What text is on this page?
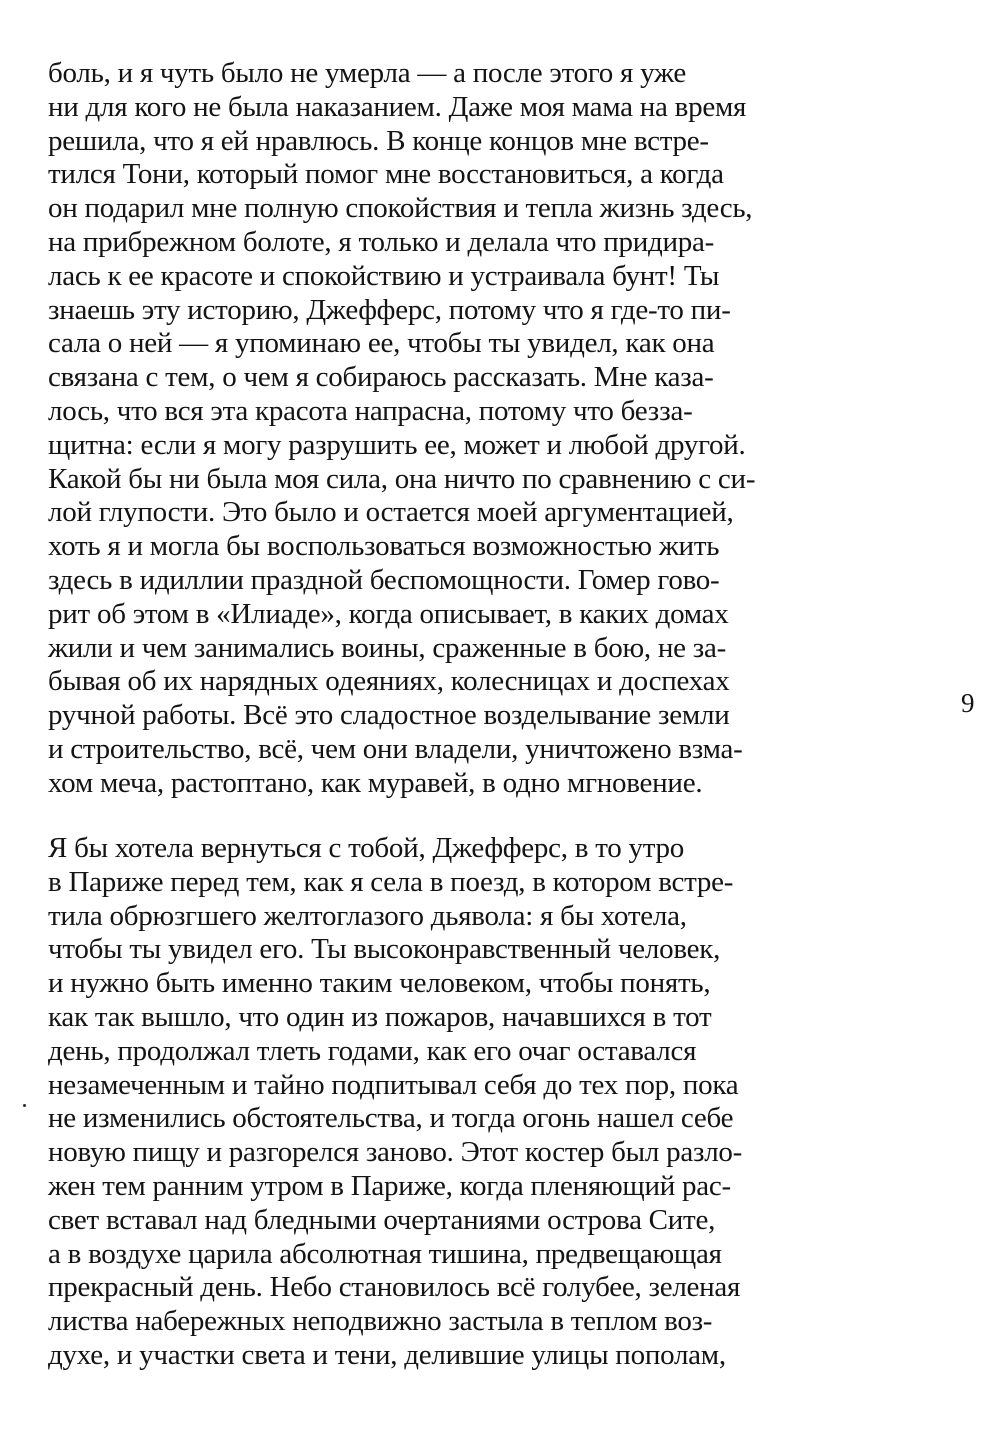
боль, и я чуть было не умерла — а после этого я уже
ни для кого не была наказанием. Даже моя мама на время
решила, что я ей нравлюсь. В конце концов мне встре-
тился Тони, который помог мне восстановиться, а когда
он подарил мне полную спокойствия и тепла жизнь здесь,
на прибрежном болоте, я только и делала что придира-
лась к ее красоте и спокойствию и устраивала бунт! Ты
знаешь эту историю, Джефферс, потому что я где-то пи-
сала о ней — я упоминаю ее, чтобы ты увидел, как она
связана с тем, о чем я собираюсь рассказать. Мне каза-
лось, что вся эта красота напрасна, потому что безза-
щитна: если я могу разрушить ее, может и любой другой.
Какой бы ни была моя сила, она ничто по сравнению с си-
лой глупости. Это было и остается моей аргументацией,
хоть я и могла бы воспользоваться возможностью жить
здесь в идиллии праздной беспомощности. Гомер гово-
рит об этом в «Илиаде», когда описывает, в каких домах
жили и чем занимались воины, сраженные в бою, не за-
бывая об их нарядных одеяниях, колесницах и доспехах
ручной работы. Всё это сладостное возделывание земли
и строительство, всё, чем они владели, уничтожено взма-
хом меча, растоптано, как муравей, в одно мгновение.
9
Я бы хотела вернуться с тобой, Джефферс, в то утро
в Париже перед тем, как я села в поезд, в котором встре-
тила обрюзгшего желтоглазого дьявола: я бы хотела,
чтобы ты увидел его. Ты высоконравственный человек,
и нужно быть именно таким человеком, чтобы понять,
как так вышло, что один из пожаров, начавшихся в тот
день, продолжал тлеть годами, как его очаг оставался
незамеченным и тайно подпитывал себя до тех пор, пока
не изменились обстоятельства, и тогда огонь нашел себе
новую пищу и разгорелся заново. Этот костер был разло-
жен тем ранним утром в Париже, когда пленяющий рас-
свет вставал над бледными очертаниями острова Сите,
а в воздухе царила абсолютная тишина, предвещающая
прекрасный день. Небо становилось всё голубее, зеленая
листва набережных неподвижно застыла в теплом воз-
духе, и участки света и тени, делившие улицы пополам,
